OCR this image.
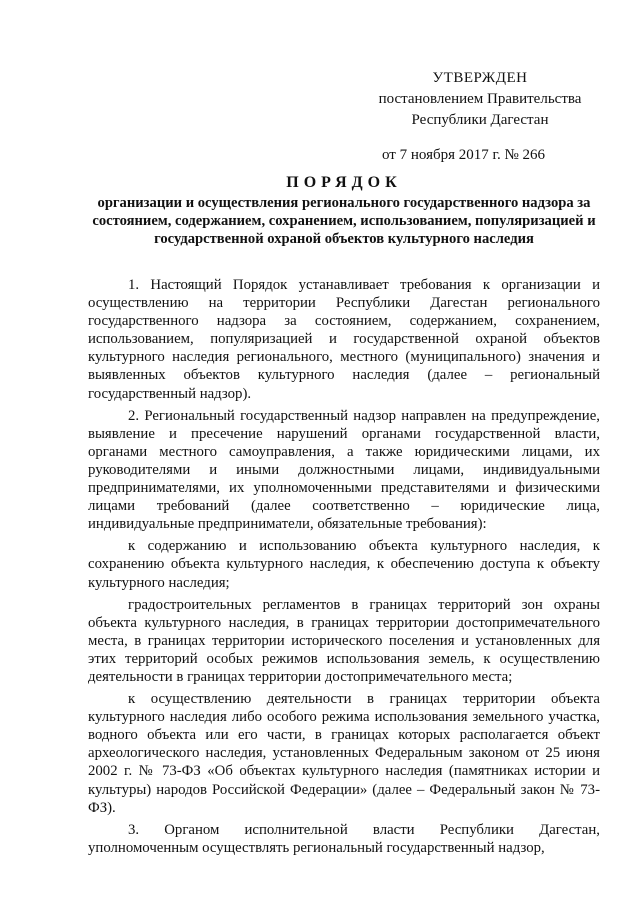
УТВЕРЖДЕН
постановлением Правительства
Республики Дагестан
от 7 ноября 2017 г. № 266
ПОРЯДОК
организации и осуществления регионального государственного надзора за состоянием, содержанием, сохранением, использованием, популяризацией и государственной охраной объектов культурного наследия

1. Настоящий Порядок устанавливает требования к организации и осуществлению на территории Республики Дагестан регионального государственного надзора за состоянием, содержанием, сохранением, использованием, популяризацией и государственной охраной объектов культурного наследия регионального, местного (муниципального) значения и выявленных объектов культурного наследия (далее – региональный государственный надзор).

2. Региональный государственный надзор направлен на предупреждение, выявление и пресечение нарушений органами государственной власти, органами местного самоуправления, а также юридическими лицами, их руководителями и иными должностными лицами, индивидуальными предпринимателями, их уполномоченными представителями и физическими лицами требований (далее соответственно – юридические лица, индивидуальные предприниматели, обязательные требования):

к содержанию и использованию объекта культурного наследия, к сохранению объекта культурного наследия, к обеспечению доступа к объекту культурного наследия;

градостроительных регламентов в границах территорий зон охраны объекта культурного наследия, в границах территории достопримечательного места, в границах территории исторического поселения и установленных для этих территорий особых режимов использования земель, к осуществлению деятельности в границах территории достопримечательного места;

к осуществлению деятельности в границах территории объекта культурного наследия либо особого режима использования земельного участка, водного объекта или его части, в границах которых располагается объект археологического наследия, установленных Федеральным законом от 25 июня 2002 г. № 73-ФЗ «Об объектах культурного наследия (памятниках истории и культуры) народов Российской Федерации» (далее – Федеральный закон № 73-ФЗ).

3. Органом исполнительной власти Республики Дагестан, уполномоченным осуществлять региональный государственный надзор,
